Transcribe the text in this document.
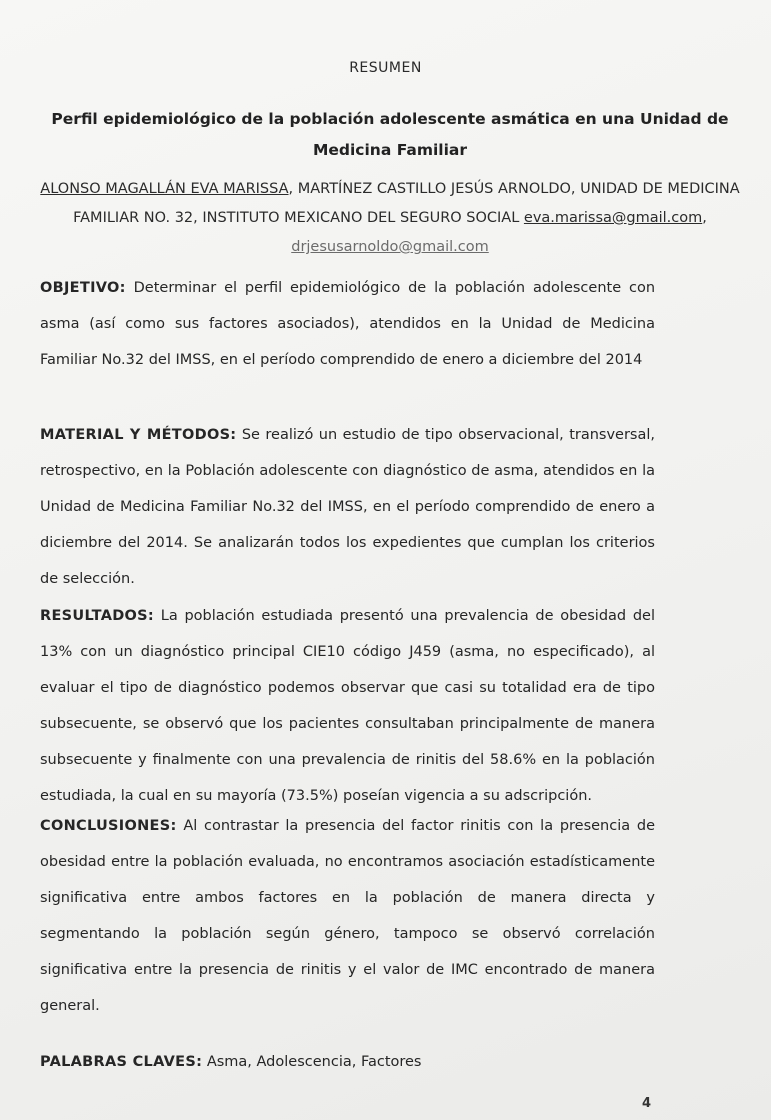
RESUMEN
Perfil epidemiológico de la población adolescente asmática en una Unidad de Medicina Familiar
ALONSO MAGALLÁN EVA MARISSA, MARTÍNEZ CASTILLO JESÚS ARNOLDO, UNIDAD DE MEDICINA FAMILIAR NO. 32, INSTITUTO MEXICANO DEL SEGURO SOCIAL eva.marissa@gmail.com, drjesusarnoldo@gmail.com
OBJETIVO: Determinar el perfil epidemiológico de la población adolescente con asma (así como sus factores asociados), atendidos en la Unidad de Medicina Familiar No.32 del IMSS, en el período comprendido de enero a diciembre del 2014
MATERIAL Y MÉTODOS: Se realizó un estudio de tipo observacional, transversal, retrospectivo, en la Población adolescente con diagnóstico de asma, atendidos en la Unidad de Medicina Familiar No.32 del IMSS, en el período comprendido de enero a diciembre del 2014. Se analizarán todos los expedientes que cumplan los criterios de selección.
RESULTADOS: La población estudiada presentó una prevalencia de obesidad del 13% con un diagnóstico principal CIE10 código J459 (asma, no especificado), al evaluar el tipo de diagnóstico podemos observar que casi su totalidad era de tipo subsecuente, se observó que los pacientes consultaban principalmente de manera subsecuente y finalmente con una prevalencia de rinitis del 58.6% en la población estudiada, la cual en su mayoría (73.5%) poseían vigencia a su adscripción.
CONCLUSIONES: Al contrastar la presencia del factor rinitis con la presencia de obesidad entre la población evaluada, no encontramos asociación estadísticamente significativa entre ambos factores en la población de manera directa y segmentando la población según género, tampoco se observó correlación significativa entre la presencia de rinitis y el valor de IMC encontrado de manera general.
PALABRAS CLAVES: Asma, Adolescencia, Factores
4
